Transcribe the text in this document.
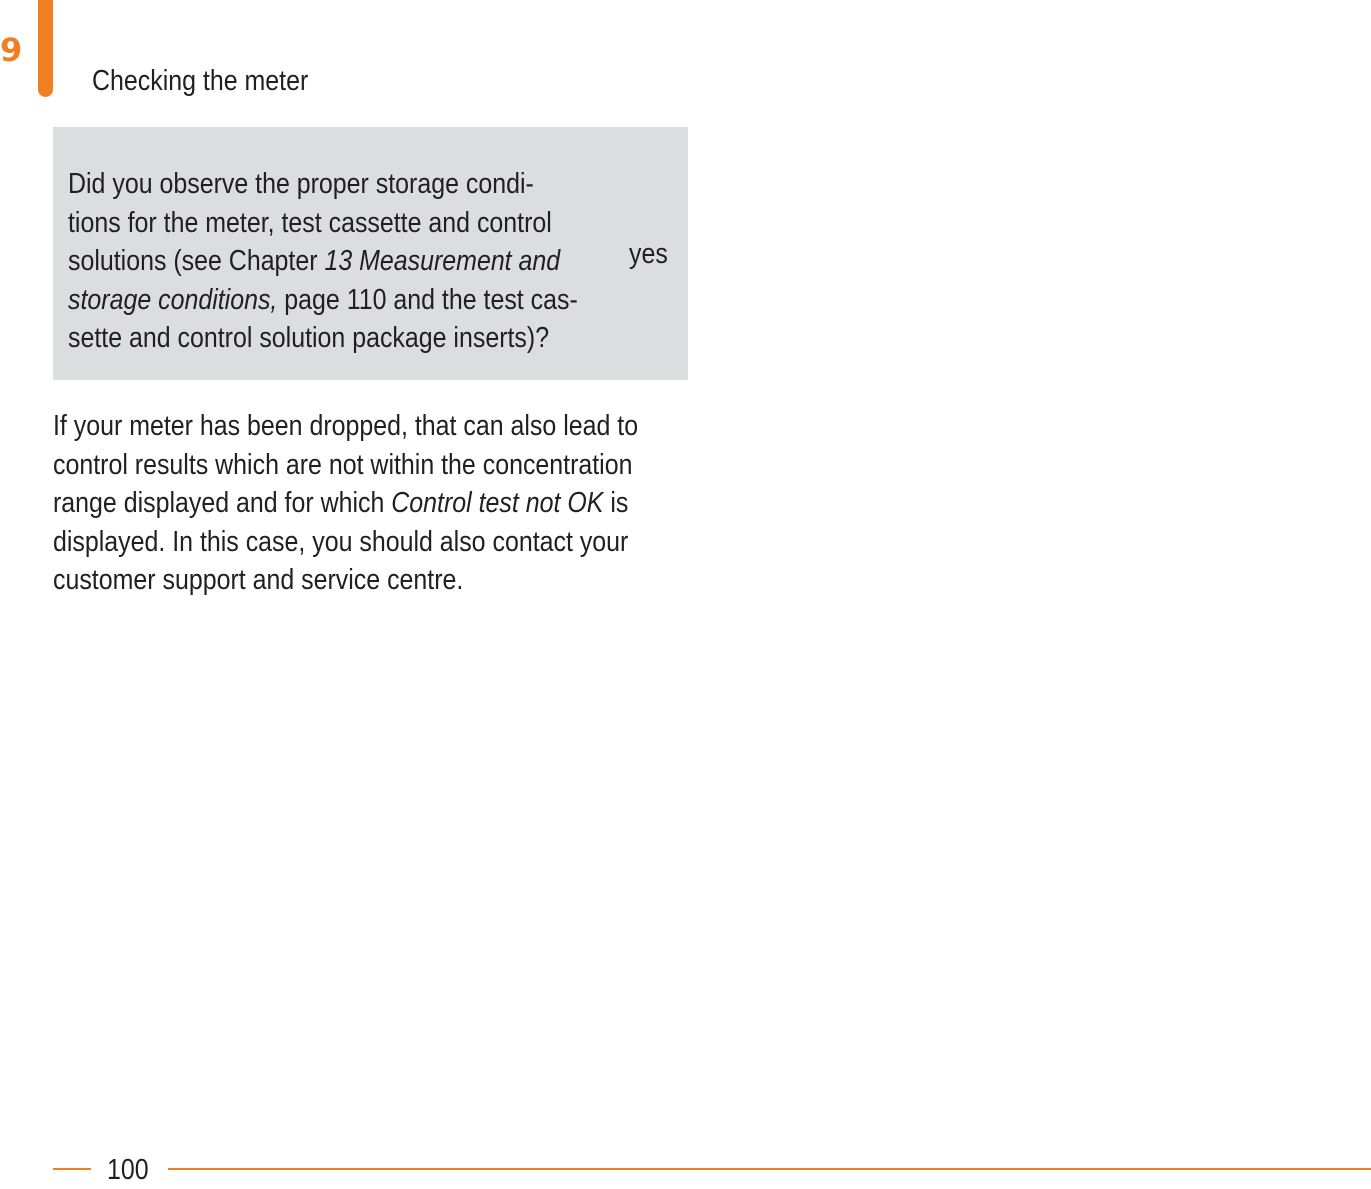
9
Checking the meter
Did you observe the proper storage condi-
tions for the meter, test cassette and control
solutions (see Chapter 13 Measurement and
storage conditions, page 110 and the test cas-
sette and control solution package inserts)?
yes
If your meter has been dropped, that can also lead to
control results which are not within the concentration
range displayed and for which Control test not OK is
displayed. In this case, you should also contact your
customer support and service centre.
100
